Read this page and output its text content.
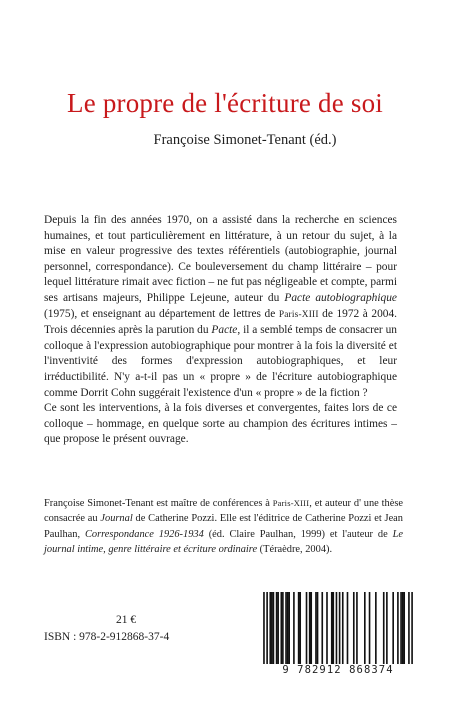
Le propre de l'écriture de soi
Françoise Simonet-Tenant (éd.)

Depuis la fin des années 1970, on a assisté dans la recherche en sciences humaines, et tout particulièrement en littérature, à un retour du sujet, à la mise en valeur progressive des textes référentiels (autobiographie, journal personnel, correspondance). Ce bouleversement du champ littéraire – pour lequel littérature rimait avec fiction – ne fut pas négligeable et compte, parmi ses artisans majeurs, Philippe Lejeune, auteur du Pacte autobiographique (1975), et enseignant au département de lettres de Paris-XIII de 1972 à 2004. Trois décennies après la parution du Pacte, il a semblé temps de consacrer un colloque à l'expression autobiographique pour montrer à la fois la diversité et l'inventivité des formes d'expression autobiographiques, et leur irréductibilité. N'y a-t-il pas un « propre » de l'écriture autobiographique comme Dorrit Cohn suggérait l'existence d'un « propre » de la fiction ?

Ce sont les interventions, à la fois diverses et convergentes, faites lors de ce colloque – hommage, en quelque sorte au champion des écritures intimes – que propose le présent ouvrage.

Françoise Simonet-Tenant est maître de conférences à Paris-XIII, et auteur d' une thèse consacrée au Journal de Catherine Pozzi. Elle est l'éditrice de Catherine Pozzi et Jean Paulhan, Correspondance 1926-1934 (éd. Claire Paulhan, 1999) et l'auteur de Le journal intime, genre littéraire et écriture ordinaire (Téraèdre, 2004).

21 €
ISBN : 978-2-912868-37-4
9 782912 868374
